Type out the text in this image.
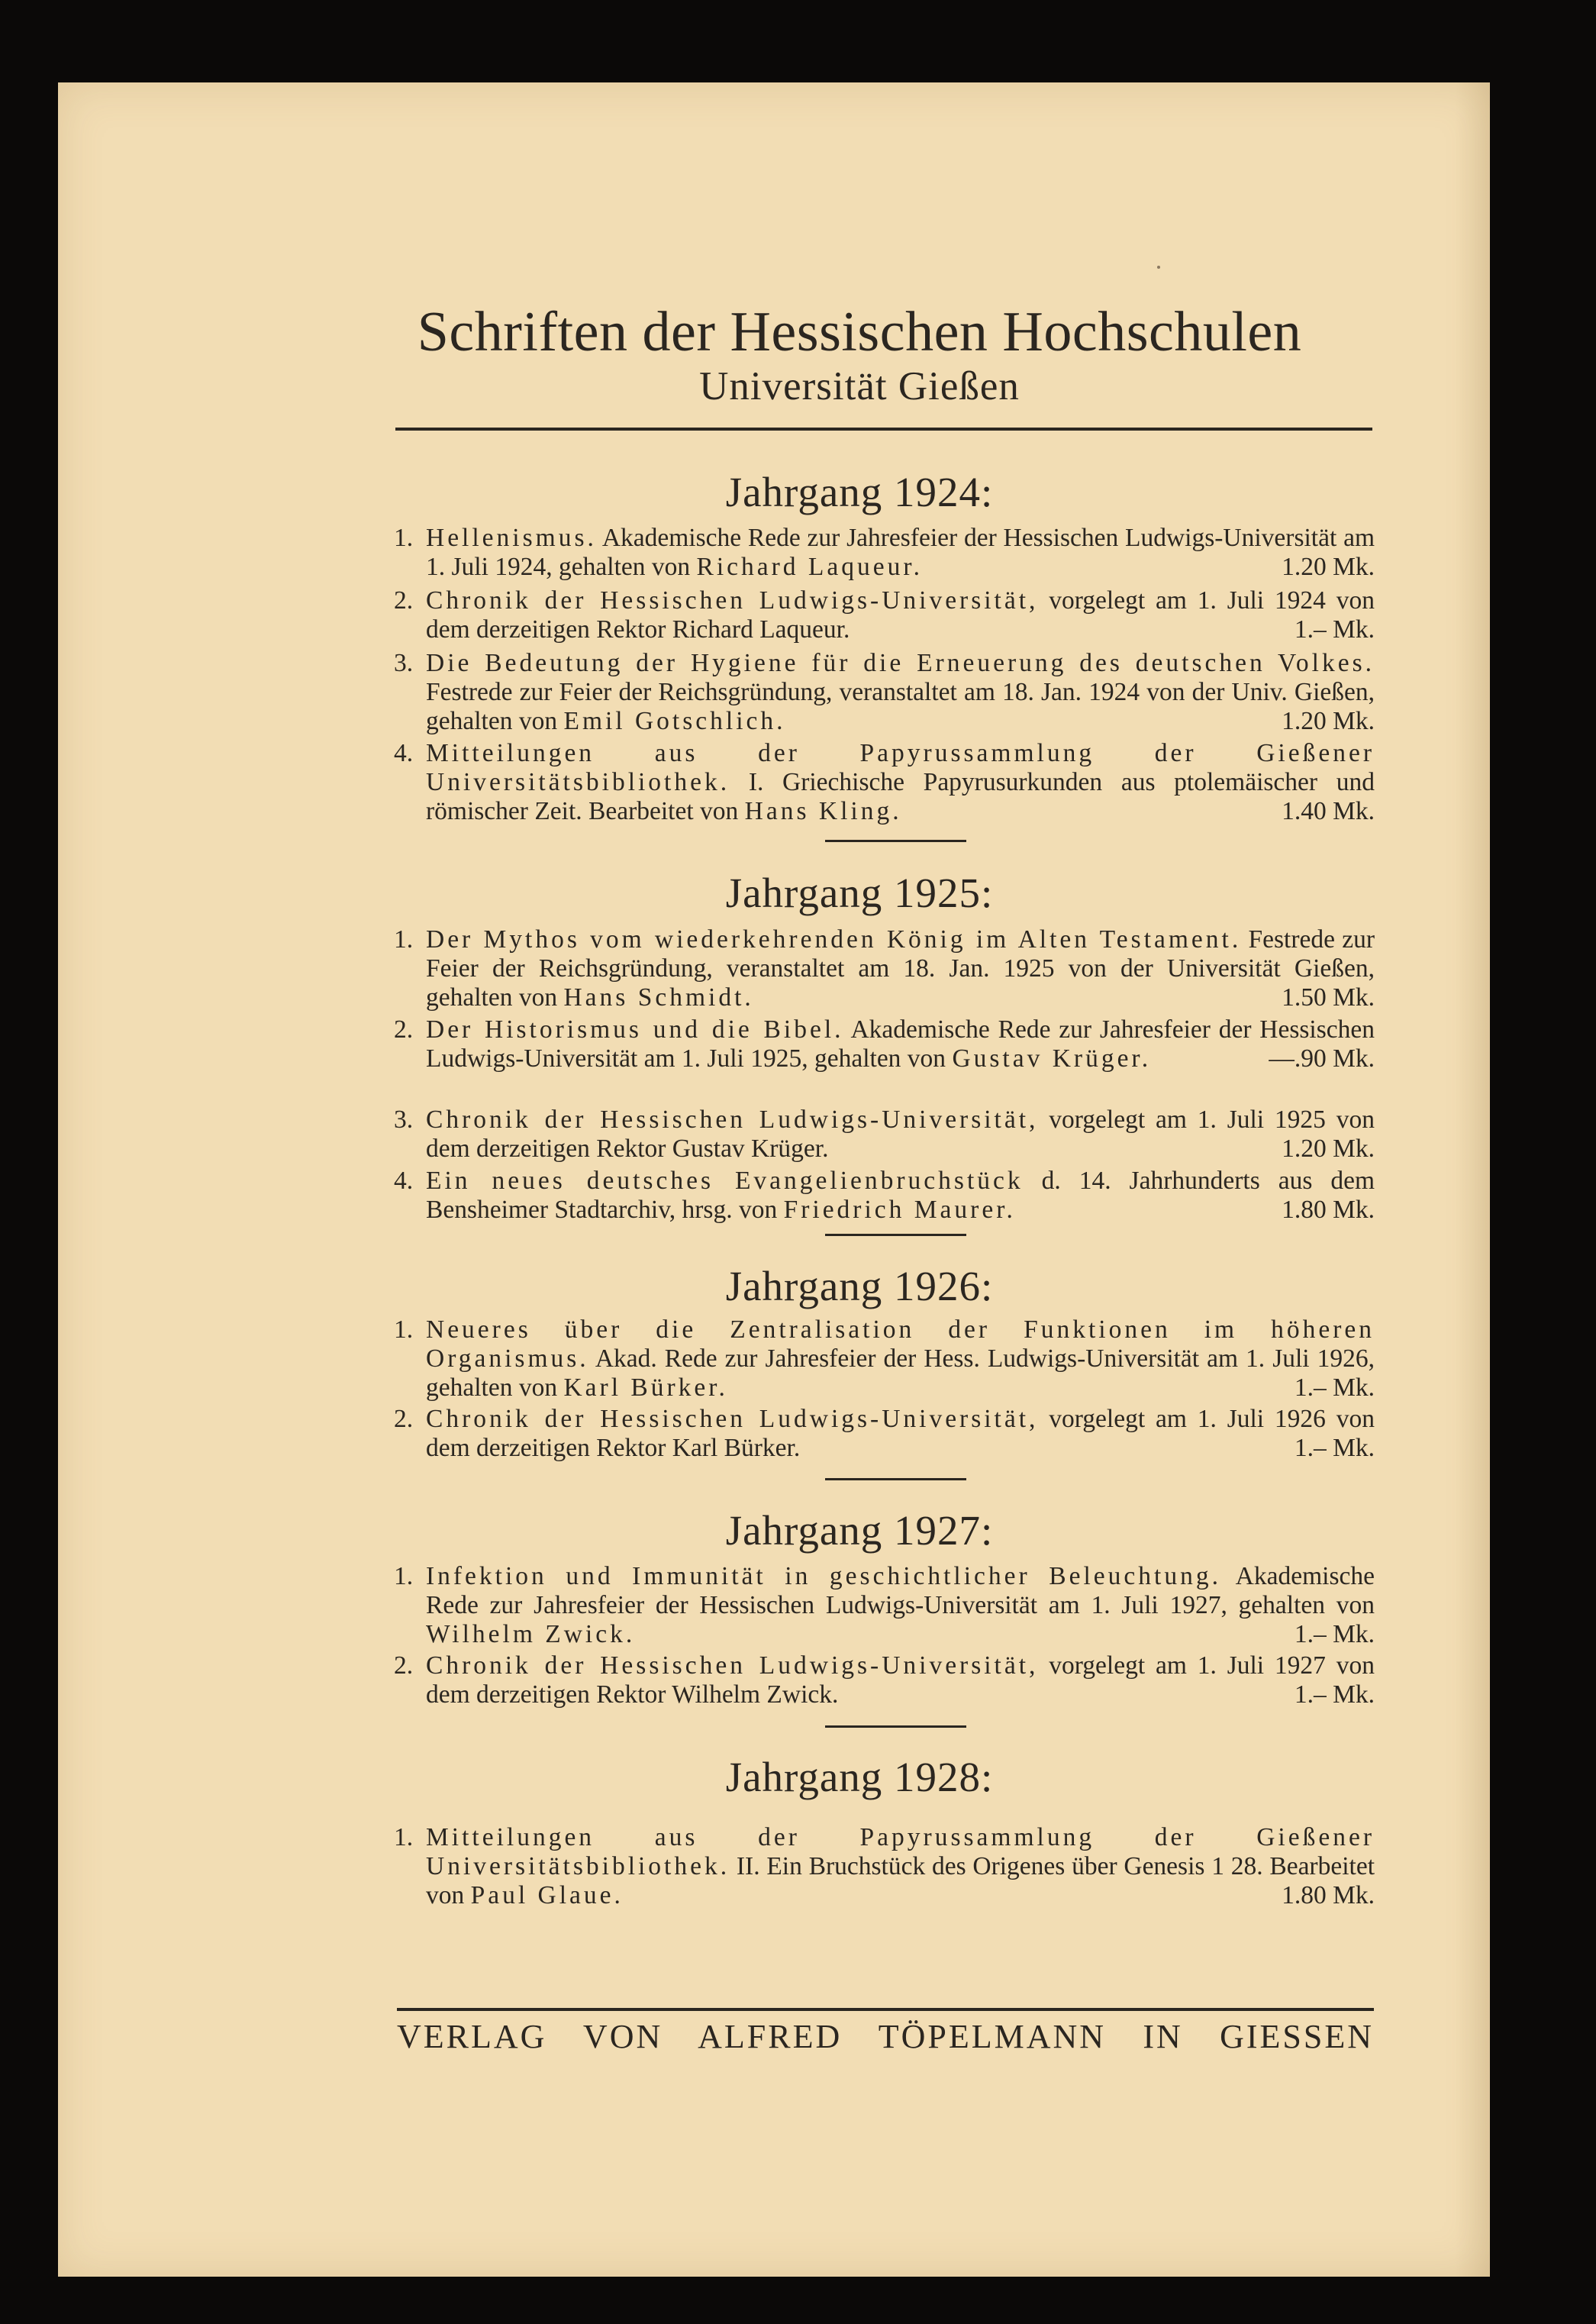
Schriften der Hessischen Hochschulen
Universität Gießen
Jahrgang 1924:
1. Hellenismus. Akademische Rede zur Jahresfeier der Hessischen Ludwigs-Universität am 1. Juli 1924, gehalten von Richard Laqueur.	1.20 Mk.
2. Chronik der Hessischen Ludwigs-Universität, vorgelegt am 1. Juli 1924 von dem derzeitigen Rektor Richard Laqueur.	1.– Mk.
3. Die Bedeutung der Hygiene für die Erneuerung des deutschen Volkes. Festrede zur Feier der Reichsgründung, veranstaltet am 18. Jan. 1924 von der Univ. Gießen, gehalten von Emil Gotschlich.	1.20 Mk.
4. Mitteilungen aus der Papyrussammlung der Gießener Universitätsbibliothek. I. Griechische Papyrusurkunden aus ptolemäischer und römischer Zeit. Bearbeitet von Hans Kling.	1.40 Mk.
Jahrgang 1925:
1. Der Mythos vom wiederkehrenden König im Alten Testament. Festrede zur Feier der Reichsgründung, veranstaltet am 18. Jan. 1925 von der Universität Gießen, gehalten von Hans Schmidt.	1.50 Mk.
2. Der Historismus und die Bibel. Akademische Rede zur Jahresfeier der Hessischen Ludwigs-Universität am 1. Juli 1925, gehalten von Gustav Krüger.	—.90 Mk.
3. Chronik der Hessischen Ludwigs-Universität, vorgelegt am 1. Juli 1925 von dem derzeitigen Rektor Gustav Krüger.	1.20 Mk.
4. Ein neues deutsches Evangelienbruchstück d. 14. Jahrhunderts aus dem Bensheimer Stadtarchiv, hrsg. von Friedrich Maurer.	1.80 Mk.
Jahrgang 1926:
1. Neueres über die Zentralisation der Funktionen im höheren Organismus. Akad. Rede zur Jahresfeier der Hess. Ludwigs-Universität am 1. Juli 1926, gehalten von Karl Bürker.	1.– Mk.
2. Chronik der Hessischen Ludwigs-Universität, vorgelegt am 1. Juli 1926 von dem derzeitigen Rektor Karl Bürker.	1.– Mk.
Jahrgang 1927:
1. Infektion und Immunität in geschichtlicher Beleuchtung. Akademische Rede zur Jahresfeier der Hessischen Ludwigs-Universität am 1. Juli 1927, gehalten von Wilhelm Zwick.	1.– Mk.
2. Chronik der Hessischen Ludwigs-Universität, vorgelegt am 1. Juli 1927 von dem derzeitigen Rektor Wilhelm Zwick.	1.– Mk.
Jahrgang 1928:
1. Mitteilungen aus der Papyrussammlung der Gießener Universitätsbibliothek. II. Ein Bruchstück des Origenes über Genesis 1 28. Bearbeitet von Paul Glaue.	1.80 Mk.
VERLAG VON ALFRED TÖPELMANN IN GIESSEN
